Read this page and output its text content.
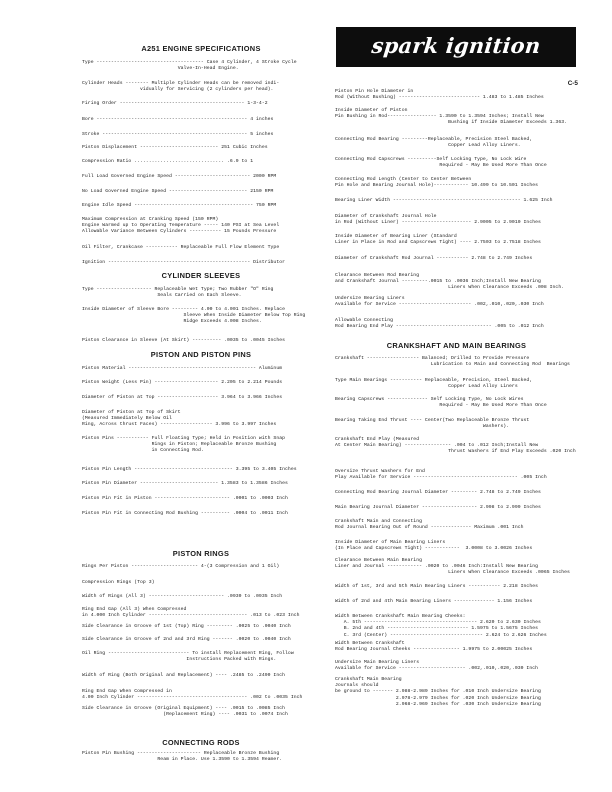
spark ignition engines
A251 ENGINE SPECIFICATIONS
Type ------------------------------------- Case 4 Cylinder, 4 Stroke Cycle
Valve-In-Head Engine.
Cylinder Heads -------- Multiple Cylinder Heads can be removed indi-
vidually for Servicing (2 cylinders per head).
Firing Order ------------------------------------------- 1-3-4-2
Bore ---------------------------------------------------- 4 inches
Stroke -------------------------------------------------- 5 inches
Piston Displacement --------------------------- 251 Cubic Inches
Compression Ratio ............................... .6.9 to 1
Full Load Governed Engine Speed -------------------------- 2000 RPM
No Load Governed Engine Speed --------------------------- 2150 RPM
Engine Idle Speed ----------------------------------------- 750 RPM
Maximum Compression at Cranking Speed (150 RPM)
Engine Warmed up to Operating Temperature ----- 140 PSI at Sea Level
Allowable Variance Between Cylinders ----------- 15 Pounds Pressure
Oil Filter, Crankcase ----------- Replaceable Full Flow Element Type
Ignition ------------------------------------------------- Distributor
CYLINDER SLEEVES
Type ------------------- Replaceable Wet Type; Two Rubber "O" Ring
Seals Carried on Each Sleeve.
Inside Diameter of Sleeve Bore --------- 4.00 to 4.001 Inches. Replace
Sleeve When Inside Diameter Below Top Ring
Ridge Exceeds 4.008 Inches.
Piston Clearance in Sleeve (At Skirt) ---------- .0035 to .0045 Inches
PISTON AND PISTON PINS
Piston Material -------------------------------------------- Aluminum
Piston Weight (Less Pin) ---------------------- 2.205 to 2.214 Pounds
Diameter of Piston at Top --------------------- 3.964 to 3.966 Inches
Diameter of Piston at Top of Skirt
(Measured Immediately Below Oil
Ring, Across thrust Faces) ------------------ 3.996 to 3.997 Inches
Piston Pins ----------- Full Floating Type; Held in Position with Snap
Rings in Piston; Replaceable Bronze Bushing
in Connecting Rod.
Piston Pin Length ---------------------------------- 3.395 to 3.405 Inches
Piston Pin Diameter --------------------------- 1.3583 to 1.3586 Inches
Piston Pin Fit in Piston -------------------------- .0001 to .0003 Inch
Piston Pin Fit in Connecting Rod Bushing ---------- .0004 to .0011 Inch
PISTON RINGS
Rings Per Piston ----------------------- 4-(3 Compression and 1 Oil)
Compression Rings (Top 3)
Width of Rings (All 3) -------------------------- .0930 to .0935 Inch
Ring End Gap (All 3) When Compressed
in 4.000 Inch Cylinder ---------------------------------- .013 to .023 Inch
Side Clearance in Groove of 1st (Top) Ring --------- .0025 to .0040 Inch
Side Clearance in Groove of 2nd and 3rd Ring ------- .0020 to .0040 Inch
Oil Ring ---------------------------- To install Replacement Ring, Follow
Instructions Packed with Rings.
Width of Ring (Both Original and Replacement) ---- .2485 to .2490 Inch
Ring End Gap When Compressed in
4.00 Inch Cylinder -------------------------------------- .002 to .0035 Inch
Side Clearance in Groove (Original Equipment) ---- .0015 to .0085 Inch
(Replacement Ring) ---- .0031 to .0074 Inch
CONNECTING RODS
Piston Pin Bushing ---------------------- Replaceable Bronze Bushing
Ream in Place. Use 1.3590 to 1.3594 Reamer.
C-5
Piston Pin Hole Diameter in
Rod (Without Bushing) ---------------------------- 1.483 to 1.485 Inches
Inside Diameter of Piston
Pin Bushing in Rod----------------- 1.3590 to 1.3594 Inches; Install New
Bushing if Inside Diameter Exceeds 1.363.
Connecting Rod Bearing ---------Replaceable, Precision Steel Backed,
Copper Lead Alloy Liners.
Connecting Rod Capscrews ----------Self Locking Type, No Lock Wire
Required - May Be Used More Than Once
Connecting Rod Length (Center to Center Between
Pin Hole and Bearing Journal Hole)------------ 10.499 to 10.501 Inches
Bearing Liner Width -------------------------------------------- 1.625 Inch
Diameter of Crankshaft Journal Hole
in Rod (Without Liner) ------------------------ 2.9005 to 2.9010 Inches
Inside Diameter of Bearing Liner (Standard
Liner in Place in Rod and Capscrews Tight) ---- 2.7503 to 2.7518 Inches
Diameter of Crankshaft Rod Journal ----------- 2.748 to 2.749 Inches
Clearance Between Rod Bearing
and Crankshaft Journal ---------.0015 to .0036 Inch;Install New Bearing
Liners When Clearance Exceeds .008 Inch.
Undersize Bearing Liners
Available for Service ------------------------- .002,.010,.020,.030 Inch
Allowable Connecting
Rod Bearing End Play --------------------------------- .005 to .012 Inch
CRANKSHAFT AND MAIN BEARINGS
Crankshaft ------------------ Balanced; Drilled to Provide Pressure
Lubrication to Main and Connecting Rod  Bearings
Type Main Bearings ----------- Replaceable, Precision, Steel Backed,
Copper Lead Alloy Liners
Bearing Capscrews -------------- Self Locking Type, No Lock Wires
Required - May Be Used More Than Once
Bearing Taking End Thrust ---- Center(Two Replaceable Bronze Thrust
Washers).
Crankshaft End Play (Measured
At Center Main Bearing) ---------------- .004 to .012 Inch;Install New
Thrust Washers if End Play Exceeds .020 Inch
Oversize Thrust Washers for End
Play Available for Service ------------------------------------ .005 Inch
Connecting Rod Bearing Journal Diameter --------- 2.748 to 2.749 Inches
Main Bearing Journal Diameter ------------------- 2.998 to 2.999 Inches
Crankshaft Main and Connecting
Rod Journal Bearing Out of Round -------------- Maximum .001 Inch
Inside Diameter of Main Bearing Liners
(In Place and Capscrews Tight) ------------  3.0008 to 3.0026 Inches
Clearance Between Main Bearing
Liner and Journal ------------ .0020 to .0046 Inch:Install New Bearing
Liners When Clearance Exceeds .0065 Inches
Width of 1st, 3rd and 5th Main Bearing Liners ----------- 2.218 Inches
Width of 2nd and 4th Main Bearing Liners -------------- 1.156 Inches
Width Between Crankshaft Main Bearing Cheeks:
A. 5th --------------------------------------- 2.620 to 2.630 Inches
B. 2nd and 4th ---------------------------- 1.5975 to 1.5675 Inches
C. 3rd (Center) -------------------------------- 2.624 to 2.626 Inches
Width Between Crankshaft
Rod Bearing Journal Cheeks ---------------- 1.9975 to 2.00025 Inches
Undersize Main Bearing Liners
Available for Service ----------------------- .002,.010,.020,.030 Inch
Crankshaft Main Bearing
Journals should
be ground to ------- 2.988-2.989 Inches for .010 Inch Undersize Bearing
2.978-2.979 Inches for .020 Inch Undersize Bearing
2.968-2.969 Inches for .030 Inch Undersize Bearing
